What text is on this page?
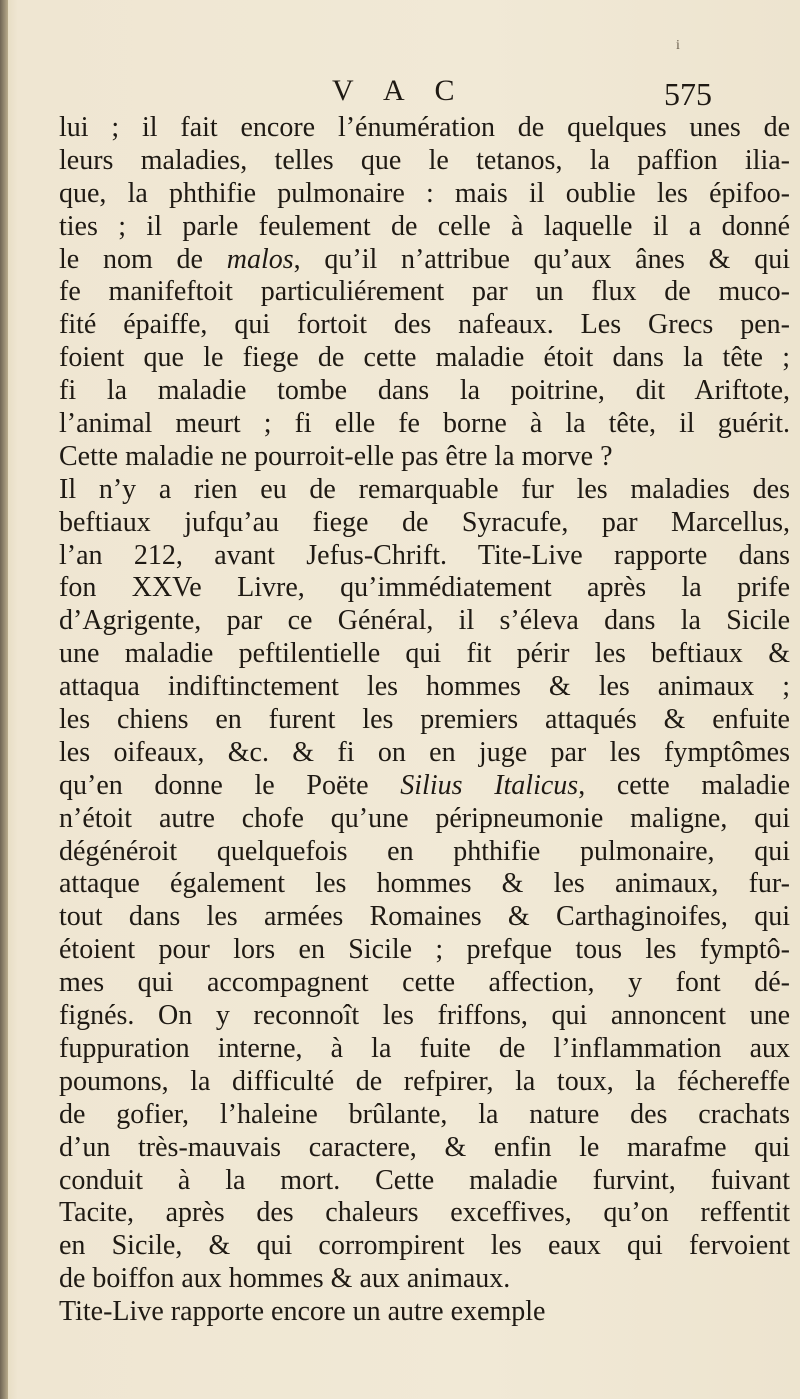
i
V A C	575
lui ; il fait encore l’énumération de quelques unes de
leurs maladies, telles que le tetanos, la paffion ilia-
que, la phthifie pulmonaire : mais il oublie les épifoo-
ties ; il parle feulement de celle à laquelle il a donné
le nom de malos, qu’il n’attribue qu’aux ânes & qui
fe manifeftoit particuliérement par un flux de muco-
fité épaiffe, qui fortoit des nafeaux. Les Grecs pen-
foient que le fiege de cette maladie étoit dans la tête ;
fi la maladie tombe dans la poitrine, dit Ariftote,
l’animal meurt ; fi elle fe borne à la tête, il guérit.
Cette maladie ne pourroit-elle pas être la morve ?
Il n’y a rien eu de remarquable fur les maladies des
beftiaux jufqu’au fiege de Syracufe, par Marcellus,
l’an 212, avant Jefus-Chrift. Tite-Live rapporte dans
fon XXVe Livre, qu’immédiatement après la prife
d’Agrigente, par ce Général, il s’éleva dans la Sicile
une maladie peftilentielle qui fit périr les beftiaux &
attaqua indiftinctement les hommes & les animaux ;
les chiens en furent les premiers attaqués & enfuite
les oifeaux, &c. & fi on en juge par les fymptômes
qu’en donne le Poëte Silius Italicus, cette maladie
n’étoit autre chofe qu’une péripneumonie maligne, qui
dégénéroit quelquefois en phthifie pulmonaire, qui
attaque également les hommes & les animaux, fur-
tout dans les armées Romaines & Carthaginoifes, qui
étoient pour lors en Sicile ; prefque tous les fymptô-
mes qui accompagnent cette affection, y font dé-
fignés. On y reconnoît les friffons, qui annoncent une
fuppuration interne, à la fuite de l’inflammation aux
poumons, la difficulté de refpirer, la toux, la féchereffe
de gofier, l’haleine brûlante, la nature des crachats
d’un très-mauvais caractere, & enfin le marafme qui
conduit à la mort. Cette maladie furvint, fuivant
Tacite, après des chaleurs exceffives, qu’on reffentit
en Sicile, & qui corrompirent les eaux qui fervoient
de boiffon aux hommes & aux animaux.
Tite-Live rapporte encore un autre exemple
